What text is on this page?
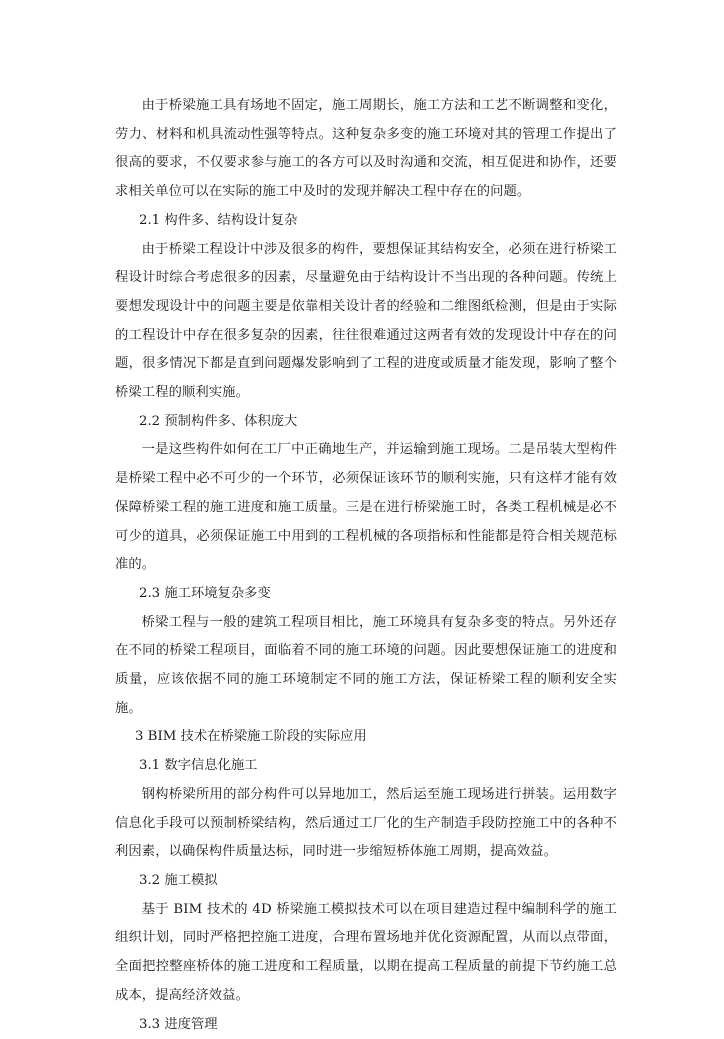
由于桥梁施工具有场地不固定，施工周期长，施工方法和工艺不断调整和变化，劳力、材料和机具流动性强等特点。这种复杂多变的施工环境对其的管理工作提出了很高的要求，不仅要求参与施工的各方可以及时沟通和交流，相互促进和协作，还要求相关单位可以在实际的施工中及时的发现并解决工程中存在的问题。

2.1 构件多、结构设计复杂

由于桥梁工程设计中涉及很多的构件，要想保证其结构安全，必须在进行桥梁工程设计时综合考虑很多的因素，尽量避免由于结构设计不当出现的各种问题。传统上要想发现设计中的问题主要是依靠相关设计者的经验和二维图纸检测，但是由于实际的工程设计中存在很多复杂的因素，往往很难通过这两者有效的发现设计中存在的问题，很多情况下都是直到问题爆发影响到了工程的进度或质量才能发现，影响了整个桥梁工程的顺利实施。

2.2 预制构件多、体积庞大

一是这些构件如何在工厂中正确地生产，并运输到施工现场。二是吊装大型构件是桥梁工程中必不可少的一个环节，必须保证该环节的顺利实施，只有这样才能有效保障桥梁工程的施工进度和施工质量。三是在进行桥梁施工时，各类工程机械是必不可少的道具，必须保证施工中用到的工程机械的各项指标和性能都是符合相关规范标准的。

2.3 施工环境复杂多变

桥梁工程与一般的建筑工程项目相比，施工环境具有复杂多变的特点。另外还存在不同的桥梁工程项目，面临着不同的施工环境的问题。因此要想保证施工的进度和质量，应该依据不同的施工环境制定不同的施工方法，保证桥梁工程的顺利安全实施。

3 BIM 技术在桥梁施工阶段的实际应用

3.1 数字信息化施工

钢构桥梁所用的部分构件可以异地加工，然后运至施工现场进行拼装。运用数字信息化手段可以预制桥梁结构，然后通过工厂化的生产制造手段防控施工中的各种不利因素，以确保构件质量达标，同时进一步缩短桥体施工周期，提高效益。

3.2 施工模拟

基于 BIM 技术的 4D 桥梁施工模拟技术可以在项目建造过程中编制科学的施工组织计划，同时严格把控施工进度，合理布置场地并优化资源配置，从而以点带面，全面把控整座桥体的施工进度和工程质量，以期在提高工程质量的前提下节约施工总成本，提高经济效益。

3.3 进度管理
